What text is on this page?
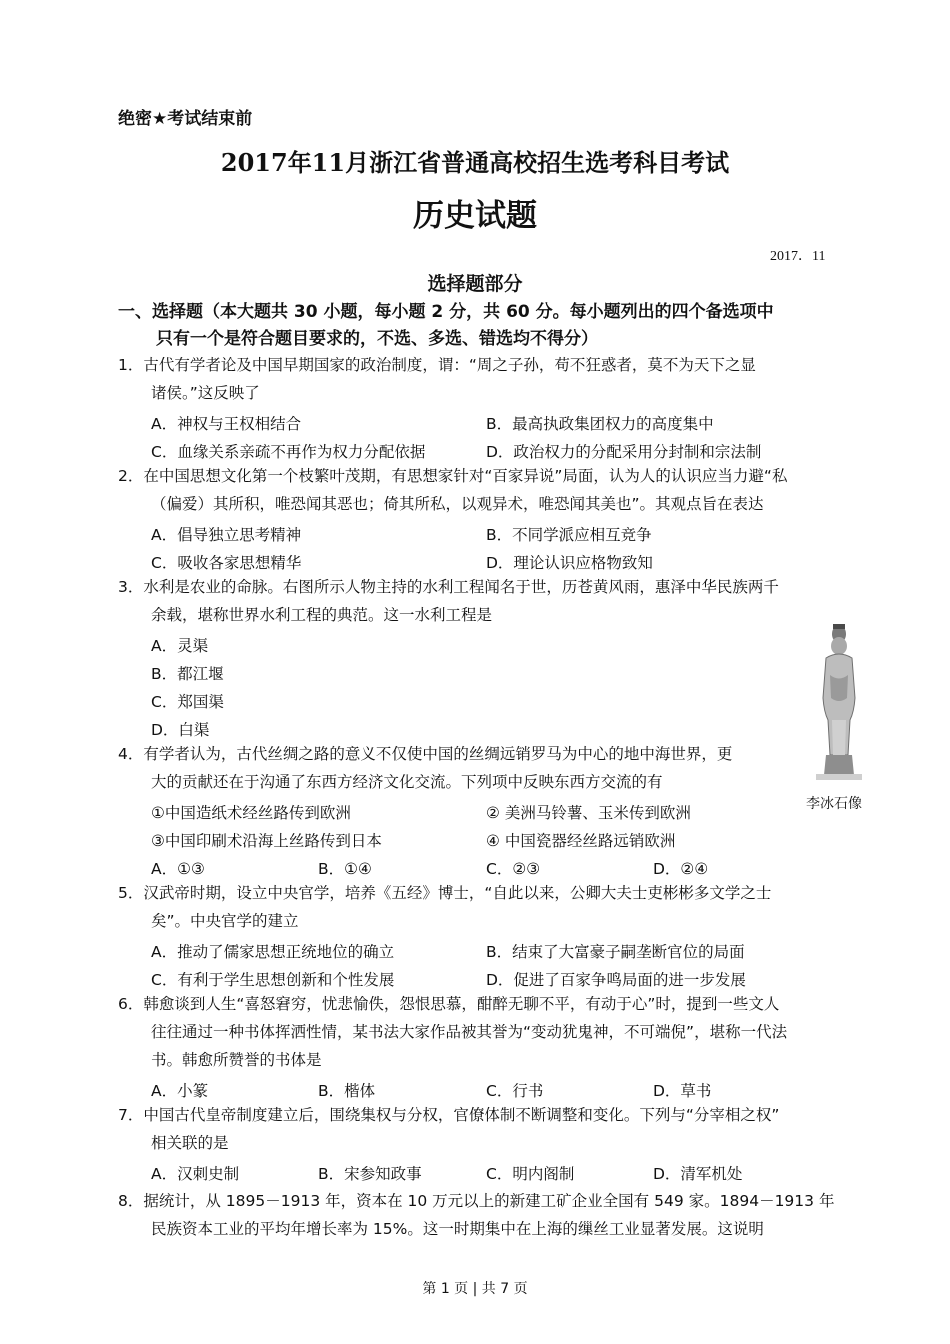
绝密★考试结束前
2017年11月浙江省普通高校招生选考科目考试
历史试题
2017．11
选择题部分
一、选择题（本大题共 30 小题，每小题 2 分，共 60 分。每小题列出的四个备选项中
只有一个是符合题目要求的，不选、多选、错选均不得分）
1．古代有学者论及中国早期国家的政治制度，谓：“周之子孙，苟不狂惑者，莫不为天下之显
诸侯。”这反映了
A．神权与王权相结合	B．最高执政集团权力的高度集中
C．血缘关系亲疏不再作为权力分配依据	D．政治权力的分配采用分封制和宗法制
2．在中国思想文化第一个枝繁叶茂期，有思想家针对“百家异说”局面，认为人的认识应当力避“私
（偏爱）其所积，唯恐闻其恶也；倚其所私，以观异术，唯恐闻其美也”。其观点旨在表达
A．倡导独立思考精神	B．不同学派应相互竞争
C．吸收各家思想精华	D．理论认识应格物致知
3．水利是农业的命脉。右图所示人物主持的水利工程闻名于世，历苍黄风雨，惠泽中华民族两千
余载，堪称世界水利工程的典范。这一水利工程是
A．灵渠
B．都江堰
C．郑国渠
D．白渠
李冰石像
4．有学者认为，古代丝绸之路的意义不仅使中国的丝绸远销罗马为中心的地中海世界，更
大的贡献还在于沟通了东西方经济文化交流。下列项中反映东西方交流的有
①中国造纸术经丝路传到欧洲	② 美洲马铃薯、玉米传到欧洲
③中国印刷术沿海上丝路传到日本	④ 中国瓷器经丝路远销欧洲
A．①③	B．①④	C．②③	D．②④
5．汉武帝时期，设立中央官学，培养《五经》博士，“自此以来，公卿大夫士吏彬彬多文学之士
矣”。中央官学的建立
A．推动了儒家思想正统地位的确立	B．结束了大富豪子嗣垄断官位的局面
C．有利于学生思想创新和个性发展	D．促进了百家争鸣局面的进一步发展
6．韩愈谈到人生“喜怒窘穷，忧悲愉佚，怨恨思慕，酣醉无聊不平，有动于心”时，提到一些文人
往往通过一种书体挥洒性情，某书法大家作品被其誉为“变动犹鬼神，不可端倪”，堪称一代法
书。韩愈所赞誉的书体是
A．小篆	B．楷体	C．行书	D．草书
7．中国古代皇帝制度建立后，围绕集权与分权，官僚体制不断调整和变化。下列与“分宰相之权”
相关联的是
A．汉刺史制	B．宋参知政事	C．明内阁制	D．清军机处
8．据统计，从 1895－1913 年，资本在 10 万元以上的新建工矿企业全国有 549 家。1894－1913 年
民族资本工业的平均年增长率为 15%。这一时期集中在上海的缫丝工业显著发展。这说明
第 1 页 | 共 7 页
